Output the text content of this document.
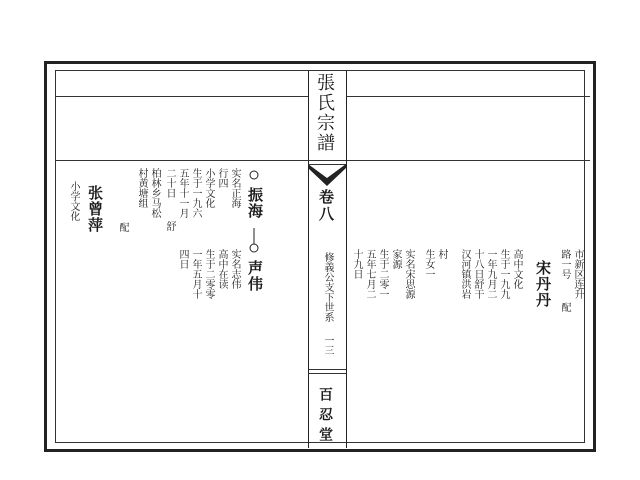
張氏宗譜
卷八
修義公支下世系
一三
百忍堂
振海
实名正海
行四
小学文化
生于一九六
五年十一月
二十日
舒
柏林乡马松
村黄塘组
配
张曾萍
小学文化
声伟
实名志伟
高中在读
生于二零零
一年五月十
四日	市新区连升
路一号
配
宋丹丹
高中文化
生于一九九
一年九月二
十八日舒干
汉河镇洪岩
村
生女一
实名宋思源
家源
生于二零一
五年七月二
十九日
